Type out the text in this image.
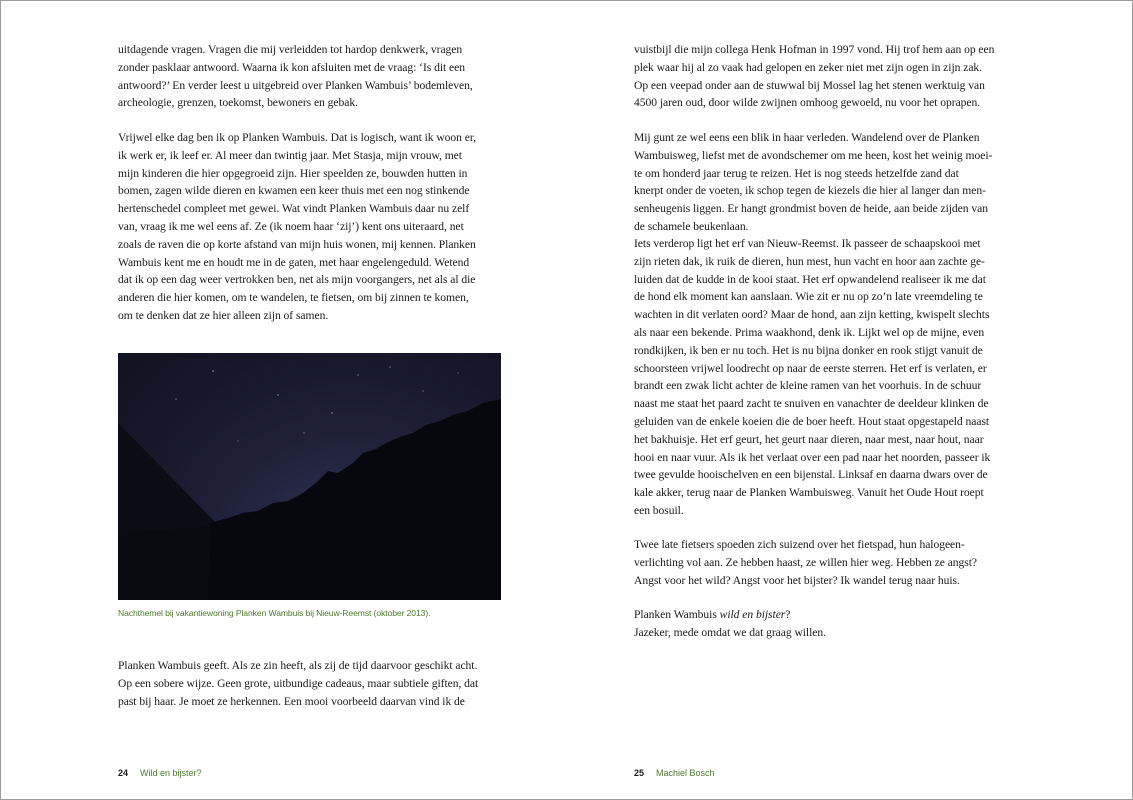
uitdagende vragen. Vragen die mij verleidden tot hardop denkwerk, vragen

zonder pasklaar antwoord. Waarna ik kon afsluiten met de vraag: ‘Is dit een

antwoord?’ En verder leest u uitgebreid over Planken Wambuis’ bodemleven,

archeologie, grenzen, toekomst, bewoners en gebak.

Vrijwel elke dag ben ik op Planken Wambuis. Dat is logisch, want ik woon er,

ik werk er, ik leef er. Al meer dan twintig jaar. Met Stasja, mijn vrouw, met

mijn kinderen die hier opgegroeid zijn. Hier speelden ze, bouwden hutten in

bomen, zagen wilde dieren en kwamen een keer thuis met een nog stinkende

hertenschedel compleet met gewei. Wat vindt Planken Wambuis daar nu zelf

van, vraag ik me wel eens af. Ze (ik noem haar ‘zij’) kent ons uiteraard, net

zoals de raven die op korte afstand van mijn huis wonen, mij kennen. Planken

Wambuis kent me en houdt me in de gaten, met haar engelengeduld. Wetend

dat ik op een dag weer vertrokken ben, net als mijn voorgangers, net als al die

anderen die hier komen, om te wandelen, te fietsen, om bij zinnen te komen,

om te denken dat ze hier alleen zijn of samen.

Nachthemel bij vakantiewoning Planken Wambuis bij Nieuw-Reemst (oktober 2013).

Planken Wambuis geeft. Als ze zin heeft, als zij de tijd daarvoor geschikt acht.

Op een sobere wijze. Geen grote, uitbundige cadeaus, maar subtiele giften, dat

past bij haar. Je moet ze herkennen. Een mooi voorbeeld daarvan vind ik de

24 Wild en bijster?

vuistbijl die mijn collega Henk Hofman in 1997 vond. Hij trof hem aan op een

plek waar hij al zo vaak had gelopen en zeker niet met zijn ogen in zijn zak.

Op een veepad onder aan de stuwwal bij Mossel lag het stenen werktuig van

4500 jaren oud, door wilde zwijnen omhoog gewoeld, nu voor het oprapen.

Mij gunt ze wel eens een blik in haar verleden. Wandelend over de Planken

Wambuisweg, liefst met de avondschemer om me heen, kost het weinig moei-

te om honderd jaar terug te reizen. Het is nog steeds hetzelfde zand dat

knerpt onder de voeten, ik schop tegen de kiezels die hier al langer dan men-

senheugenis liggen. Er hangt grondmist boven de heide, aan beide zijden van

de schamele beukenlaan.

Iets verderop ligt het erf van Nieuw-Reemst. Ik passeer de schaapskooi met

zijn rieten dak, ik ruik de dieren, hun mest, hun vacht en hoor aan zachte ge-

luiden dat de kudde in de kooi staat. Het erf opwandelend realiseer ik me dat

de hond elk moment kan aanslaan. Wie zit er nu op zo’n late vreemdeling te

wachten in dit verlaten oord? Maar de hond, aan zijn ketting, kwispelt slechts

als naar een bekende. Prima waakhond, denk ik. Lijkt wel op de mijne, even

rondkijken, ik ben er nu toch. Het is nu bijna donker en rook stijgt vanuit de

schoorsteen vrijwel loodrecht op naar de eerste sterren. Het erf is verlaten, er

brandt een zwak licht achter de kleine ramen van het voorhuis. In de schuur

naast me staat het paard zacht te snuiven en vanachter de deeldeur klinken de

geluiden van de enkele koeien die de boer heeft. Hout staat opgestapeld naast

het bakhuisje. Het erf geurt, het geurt naar dieren, naar mest, naar hout, naar

hooi en naar vuur. Als ik het verlaat over een pad naar het noorden, passeer ik

twee gevulde hooischelven en een bijenstal. Linksaf en daarna dwars over de

kale akker, terug naar de Planken Wambuisweg. Vanuit het Oude Hout roept

een bosuil.

Twee late fietsers spoeden zich suizend over het fietspad, hun halogeen-

verlichting vol aan. Ze hebben haast, ze willen hier weg. Hebben ze angst?

Angst voor het wild? Angst voor het bijster? Ik wandel terug naar huis.

Planken Wambuis wild en bijster?

Jazeker, mede omdat we dat graag willen.

25 Machiel Bosch
